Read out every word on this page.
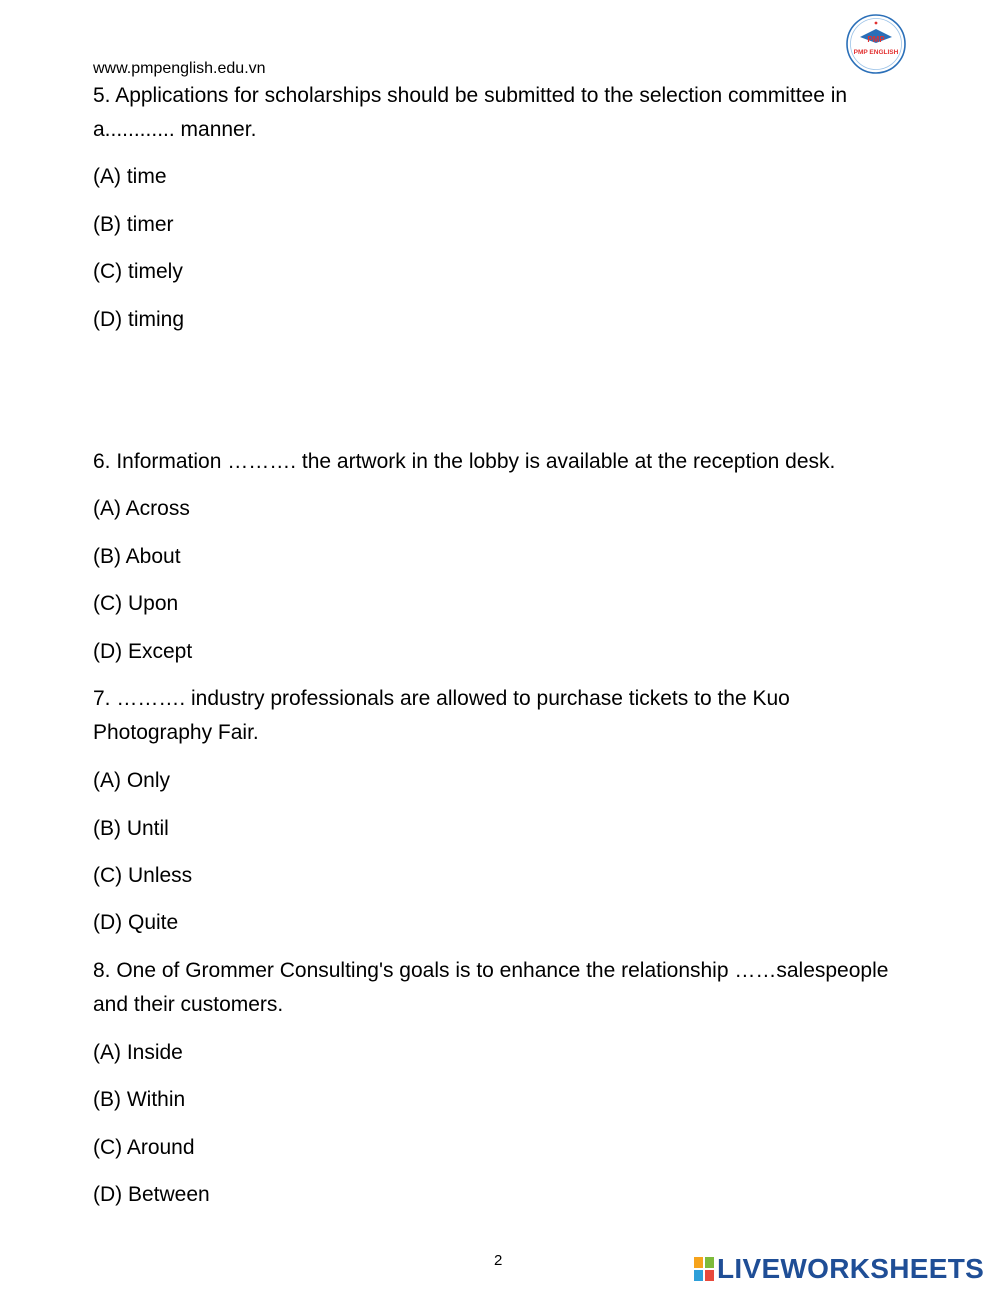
www.pmpenglish.edu.vn
PMP
PMP ENGLISH
5. Applications for scholarships should be submitted to the selection committee in a............ manner.
(A) time
(B) timer
(C) timely
(D) timing
6. Information ………. the artwork in the lobby is available at the reception desk.
(A) Across
(B) About
(C) Upon
(D) Except
7. ………. industry professionals are allowed to purchase tickets to the Kuo Photography Fair.
(A) Only
(B) Until
(C) Unless
(D) Quite
8. One of Grommer Consulting's goals is to enhance the relationship ……salespeople and their customers.
(A) Inside
(B) Within
(C) Around
(D) Between
2	LIVEWORKSHEETS
